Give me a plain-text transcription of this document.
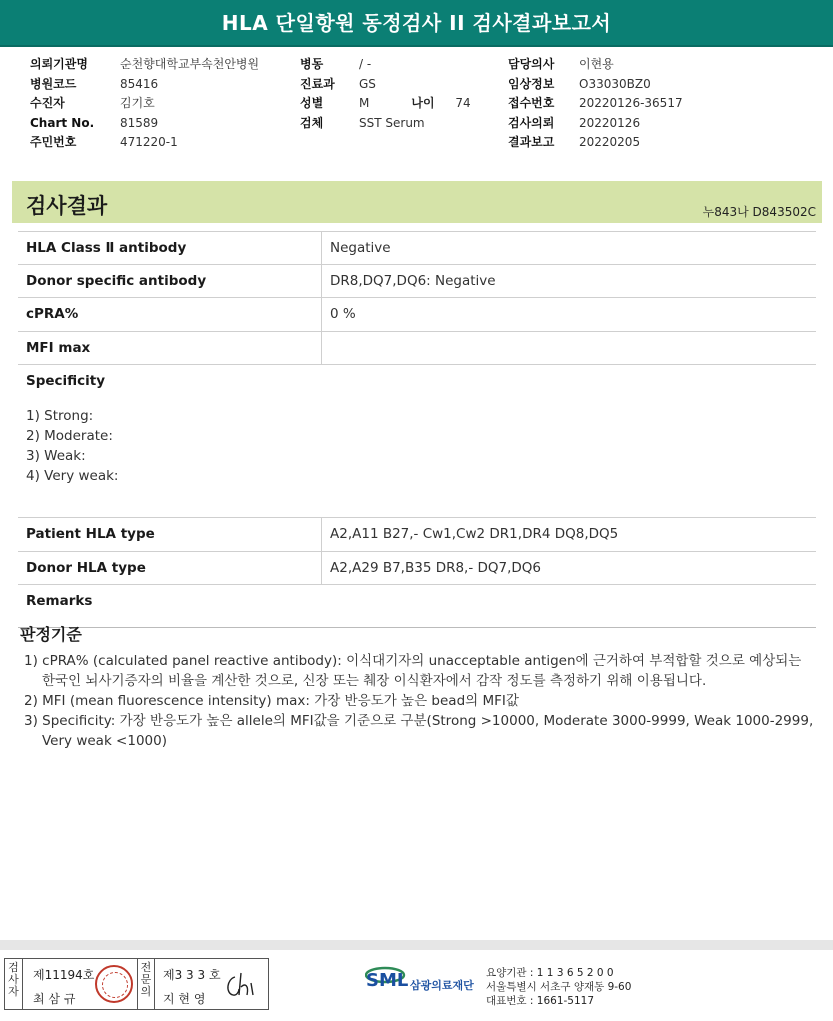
HLA 단일항원 동정검사 II 검사결과보고서
의뢰기관명	순천향대학교부속천안병원
병원코드	85416
수진자	김기호
Chart No. 81589
주민번호	471220-1
병동	/ -
진료과 GS
성별	M	나이 74
검체	SST Serum
담당의사 이현용
임상정보 O33030BZ0
접수번호 20220126-36517
검사의뢰 20220126
결과보고 20220205
검사결과	누843나 D843502C
HLA Class Ⅱ antibody	Negative
Donor specific antibody	DR8,DQ7,DQ6: Negative
cPRA%	0 %
MFI max
Specificity
1) Strong:
2) Moderate:
3) Weak:
4) Very weak:
Patient HLA type	A2,A11 B27,- Cw1,Cw2 DR1,DR4 DQ8,DQ5
Donor HLA type	A2,A29 B7,B35 DR8,- DQ7,DQ6
Remarks
판정기준
1) cPRA% (calculated panel reactive antibody): 이식대기자의 unacceptable antigen에 근거하여 부적합할 것으로 예상되는 한국인 뇌사기증자의 비율을 계산한 것으로, 신장 또는 췌장 이식환자에서 감작 정도를 측정하기 위해 이용됩니다.
2) MFI (mean fluorescence intensity) max: 가장 반응도가 높은 bead의 MFI값
3) Specificity: 가장 반응도가 높은 allele의 MFI값을 기준으로 구분(Strong >10000, Moderate 3000-9999, Weak 1000-2999, Very weak <1000)
검사자
제11194호
최 삼 규
전문의
제3 3 3 호
지 현 영
SML 삼광의료재단
요양기관 : 1 1 3 6 5 2 0 0
서울특별시 서초구 양재동 9-60
대표번호 : 1661-5117
